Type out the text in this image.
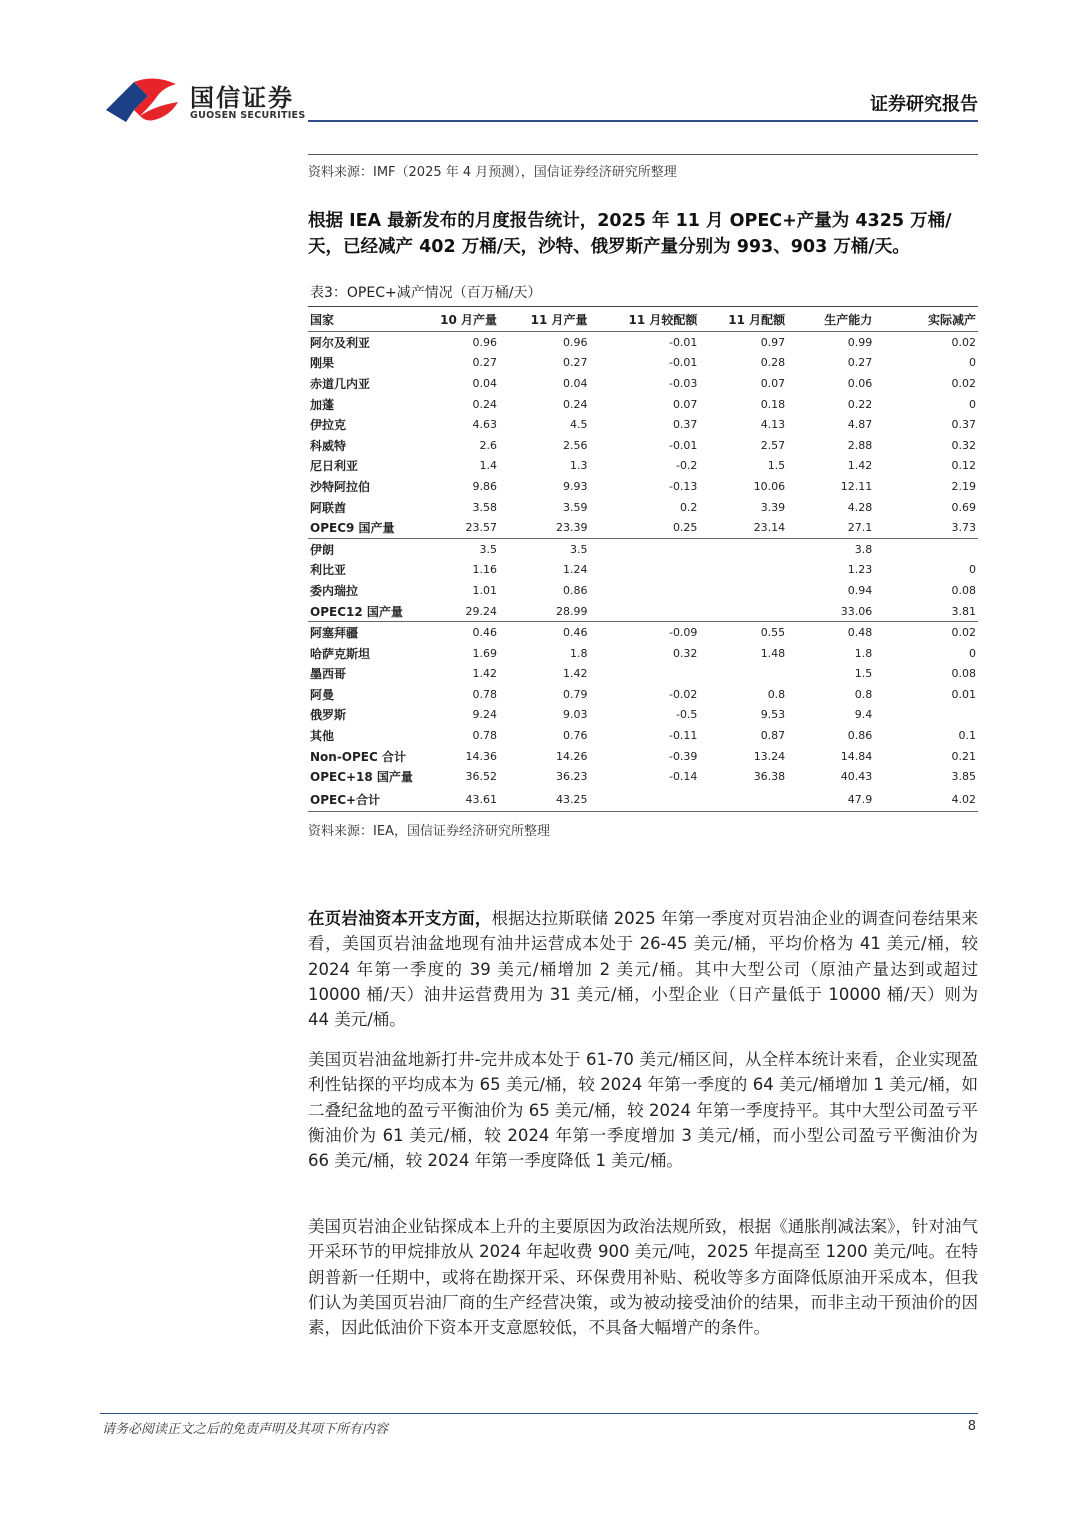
国信证券
GUOSEN SECURITIES
证券研究报告
资料来源：IMF（2025 年 4 月预测），国信证券经济研究所整理
根据 IEA 最新发布的月度报告统计，2025 年 11 月 OPEC+产量为 4325 万桶/天，已经减产 402 万桶/天，沙特、俄罗斯产量分别为 993、903 万桶/天。
表3：OPEC+减产情况（百万桶/天）
国家	10 月产量	11 月产量	11 月较配额	11 月配额	生产能力	实际减产
阿尔及利亚	0.96	0.96	-0.01	0.97	0.99	0.02
刚果	0.27	0.27	-0.01	0.28	0.27	0
赤道几内亚	0.04	0.04	-0.03	0.07	0.06	0.02
加蓬	0.24	0.24	0.07	0.18	0.22	0
伊拉克	4.63	4.5	0.37	4.13	4.87	0.37
科威特	2.6	2.56	-0.01	2.57	2.88	0.32
尼日利亚	1.4	1.3	-0.2	1.5	1.42	0.12
沙特阿拉伯	9.86	9.93	-0.13	10.06	12.11	2.19
阿联酋	3.58	3.59	0.2	3.39	4.28	0.69
OPEC9 国产量	23.57	23.39	0.25	23.14	27.1	3.73
伊朗	3.5	3.5			3.8	
利比亚	1.16	1.24			1.23	0
委内瑞拉	1.01	0.86			0.94	0.08
OPEC12 国产量	29.24	28.99			33.06	3.81
阿塞拜疆	0.46	0.46	-0.09	0.55	0.48	0.02
哈萨克斯坦	1.69	1.8	0.32	1.48	1.8	0
墨西哥	1.42	1.42			1.5	0.08
阿曼	0.78	0.79	-0.02	0.8	0.8	0.01
俄罗斯	9.24	9.03	-0.5	9.53	9.4	
其他	0.78	0.76	-0.11	0.87	0.86	0.1
Non-OPEC 合计	14.36	14.26	-0.39	13.24	14.84	0.21
OPEC+18 国产量	36.52	36.23	-0.14	36.38	40.43	3.85
OPEC+合计	43.61	43.25			47.9	4.02
资料来源：IEA，国信证券经济研究所整理
在页岩油资本开支方面，根据达拉斯联储 2025 年第一季度对页岩油企业的调查问卷结果来看，美国页岩油盆地现有油井运营成本处于 26-45 美元/桶，平均价格为 41 美元/桶，较 2024 年第一季度的 39 美元/桶增加 2 美元/桶。其中大型公司（原油产量达到或超过 10000 桶/天）油井运营费用为 31 美元/桶，小型企业（日产量低于 10000 桶/天）则为 44 美元/桶。
美国页岩油盆地新打井-完井成本处于 61-70 美元/桶区间，从全样本统计来看，企业实现盈利性钻探的平均成本为 65 美元/桶，较 2024 年第一季度的 64 美元/桶增加 1 美元/桶，如二叠纪盆地的盈亏平衡油价为 65 美元/桶，较 2024 年第一季度持平。其中大型公司盈亏平衡油价为 61 美元/桶，较 2024 年第一季度增加 3 美元/桶，而小型公司盈亏平衡油价为 66 美元/桶，较 2024 年第一季度降低 1 美元/桶。
美国页岩油企业钻探成本上升的主要原因为政治法规所致，根据《通胀削减法案》，针对油气开采环节的甲烷排放从 2024 年起收费 900 美元/吨，2025 年提高至 1200 美元/吨。在特朗普新一任期中，或将在勘探开采、环保费用补贴、税收等多方面降低原油开采成本，但我们认为美国页岩油厂商的生产经营决策，或为被动接受油价的结果，而非主动干预油价的因素，因此低油价下资本开支意愿较低，不具备大幅增产的条件。
请务必阅读正文之后的免责声明及其项下所有内容	8
